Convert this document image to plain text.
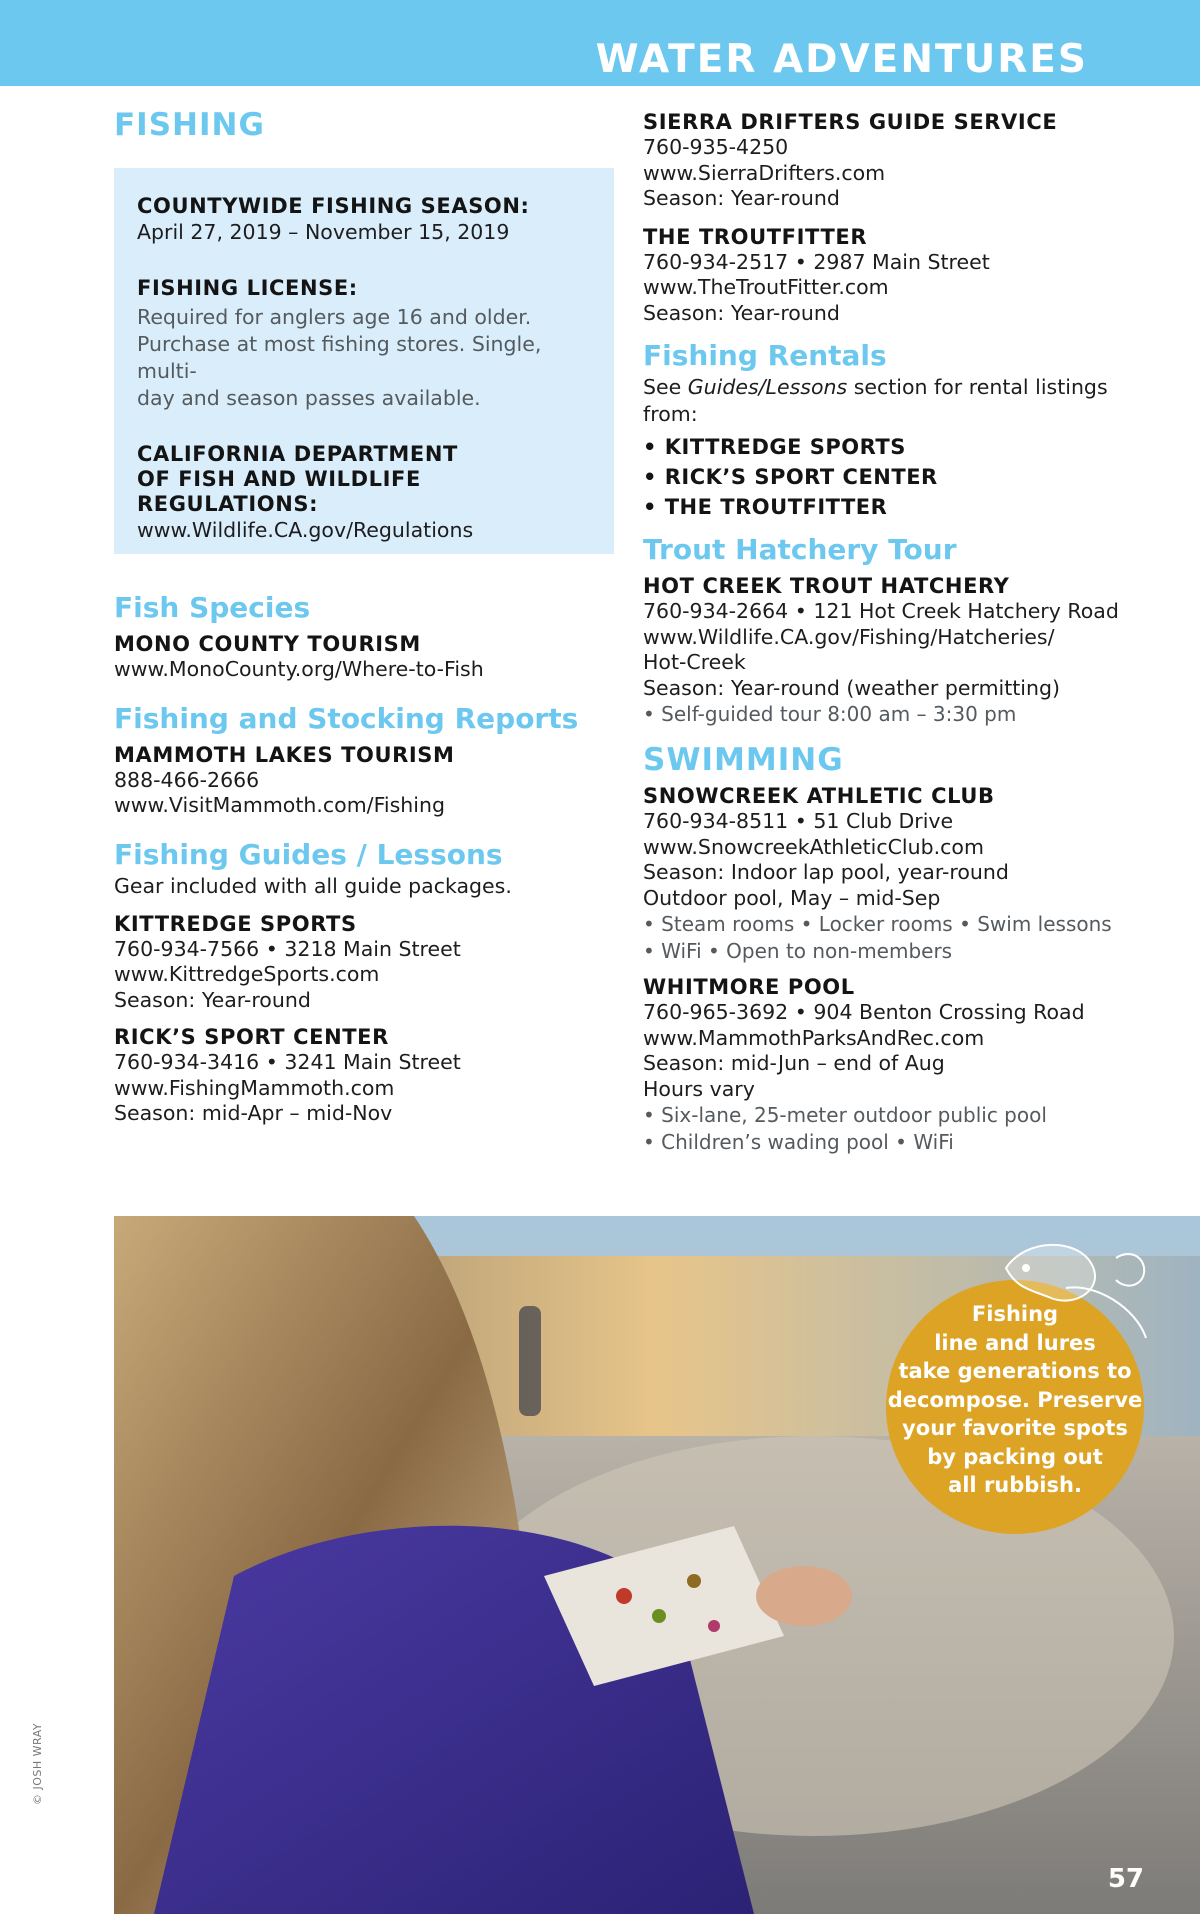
WATER ADVENTURES
FISHING
COUNTYWIDE FISHING SEASON:
April 27, 2019 – November 15, 2019
FISHING LICENSE:
Required for anglers age 16 and older.
Purchase at most fishing stores. Single, multi-
day and season passes available.
CALIFORNIA DEPARTMENT
OF FISH AND WILDLIFE
REGULATIONS:
www.Wildlife.CA.gov/Regulations
Fish Species
MONO COUNTY TOURISM
www.MonoCounty.org/Where-to-Fish
Fishing and Stocking Reports
MAMMOTH LAKES TOURISM
888-466-2666
www.VisitMammoth.com/Fishing
Fishing Guides / Lessons
Gear included with all guide packages.
KITTREDGE SPORTS
760-934-7566 • 3218 Main Street
www.KittredgeSports.com
Season: Year-round
RICK’S SPORT CENTER
760-934-3416 • 3241 Main Street
www.FishingMammoth.com
Season: mid-Apr – mid-Nov
SIERRA DRIFTERS GUIDE SERVICE
760-935-4250
www.SierraDrifters.com
Season: Year-round
THE TROUTFITTER
760-934-2517 • 2987 Main Street
www.TheTroutFitter.com
Season: Year-round
Fishing Rentals
See Guides/Lessons section for rental listings from:
• KITTREDGE SPORTS
• RICK’S SPORT CENTER
• THE TROUTFITTER
Trout Hatchery Tour
HOT CREEK TROUT HATCHERY
760-934-2664 • 121 Hot Creek Hatchery Road
www.Wildlife.CA.gov/Fishing/Hatcheries/
Hot-Creek
Season: Year-round (weather permitting)
• Self-guided tour 8:00 am – 3:30 pm
SWIMMING
SNOWCREEK ATHLETIC CLUB
760-934-8511 • 51 Club Drive
www.SnowcreekAthleticClub.com
Season: Indoor lap pool, year-round
Outdoor pool, May – mid-Sep
• Steam rooms • Locker rooms • Swim lessons
• WiFi • Open to non-members
WHITMORE POOL
760-965-3692 • 904 Benton Crossing Road
www.MammothParksAndRec.com
Season: mid-Jun – end of Aug
Hours vary
• Six-lane, 25-meter outdoor public pool
• Children’s wading pool • WiFi
Fishing
line and lures
take generations to
decompose. Preserve
your favorite spots
by packing out
all rubbish.
© JOSH WRAY
57
